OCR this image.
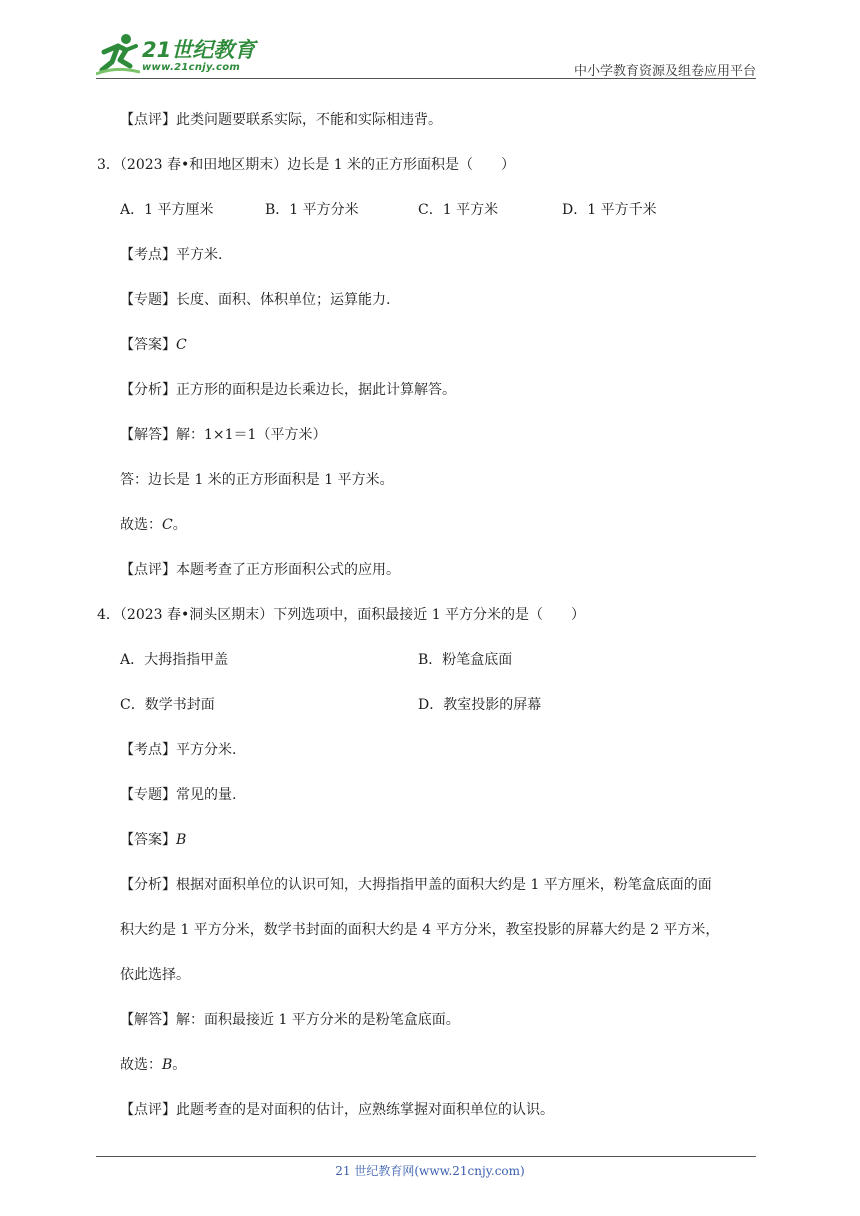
21世纪教育
www.21cnjy.com	中小学教育资源及组卷应用平台
【点评】此类问题要联系实际，不能和实际相违背。
3．（2023 春•和田地区期末）边长是 1 米的正方形面积是（　　）
A．1 平方厘米	B．1 平方分米	C．1 平方米	D．1 平方千米
【考点】平方米.
【专题】长度、面积、体积单位；运算能力.
【答案】C
【分析】正方形的面积是边长乘边长，据此计算解答。
【解答】解：1×1＝1（平方米）
答：边长是 1 米的正方形面积是 1 平方米。
故选：C。
【点评】本题考查了正方形面积公式的应用。
4．（2023 春•洞头区期末）下列选项中，面积最接近 1 平方分米的是（　　）
A．大拇指指甲盖	B．粉笔盒底面
C．数学书封面	D．教室投影的屏幕
【考点】平方分米.
【专题】常见的量.
【答案】B
【分析】根据对面积单位的认识可知，大拇指指甲盖的面积大约是 1 平方厘米，粉笔盒底面的面
积大约是 1 平方分米，数学书封面的面积大约是 4 平方分米，教室投影的屏幕大约是 2 平方米，
依此选择。
【解答】解：面积最接近 1 平方分米的是粉笔盒底面。
故选：B。
【点评】此题考查的是对面积的估计，应熟练掌握对面积单位的认识。
21 世纪教育网(www.21cnjy.com)
